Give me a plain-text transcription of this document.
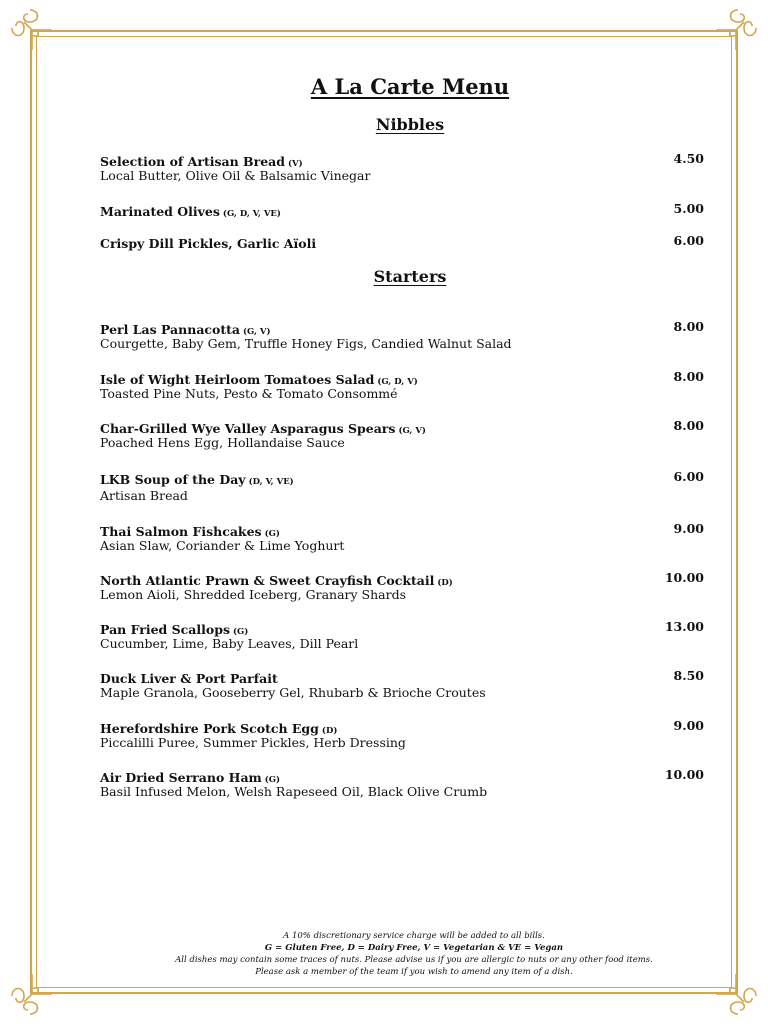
A La Carte Menu
Nibbles
Selection of Artisan Bread (V)	4.50
Local Butter, Olive Oil & Balsamic Vinegar
Marinated Olives (G, D, V, VE)	5.00
Crispy Dill Pickles, Garlic Aïoli	6.00
Starters
Perl Las Pannacotta (G, V)	8.00
Courgette, Baby Gem, Truffle Honey Figs, Candied Walnut Salad
Isle of Wight Heirloom Tomatoes Salad (G, D, V)	8.00
Toasted Pine Nuts, Pesto & Tomato Consommé
Char-Grilled Wye Valley Asparagus Spears (G, V)	8.00
Poached Hens Egg, Hollandaise Sauce
LKB Soup of the Day (D, V, VE)	6.00
Artisan Bread
Thai Salmon Fishcakes (G)	9.00
Asian Slaw, Coriander & Lime Yoghurt
North Atlantic Prawn & Sweet Crayfish Cocktail (D)	10.00
Lemon Aioli, Shredded Iceberg, Granary Shards
Pan Fried Scallops (G)	13.00
Cucumber, Lime, Baby Leaves, Dill Pearl
Duck Liver & Port Parfait	8.50
Maple Granola, Gooseberry Gel, Rhubarb & Brioche Croutes
Herefordshire Pork Scotch Egg (D)	9.00
Piccalilli Puree, Summer Pickles, Herb Dressing
Air Dried Serrano Ham (G)	10.00
Basil Infused Melon, Welsh Rapeseed Oil, Black Olive Crumb
A 10% discretionary service charge will be added to all bills.
G = Gluten Free, D = Dairy Free, V = Vegetarian & VE = Vegan
All dishes may contain some traces of nuts. Please advise us if you are allergic to nuts or any other food items.
Please ask a member of the team if you wish to amend any item of a dish.
